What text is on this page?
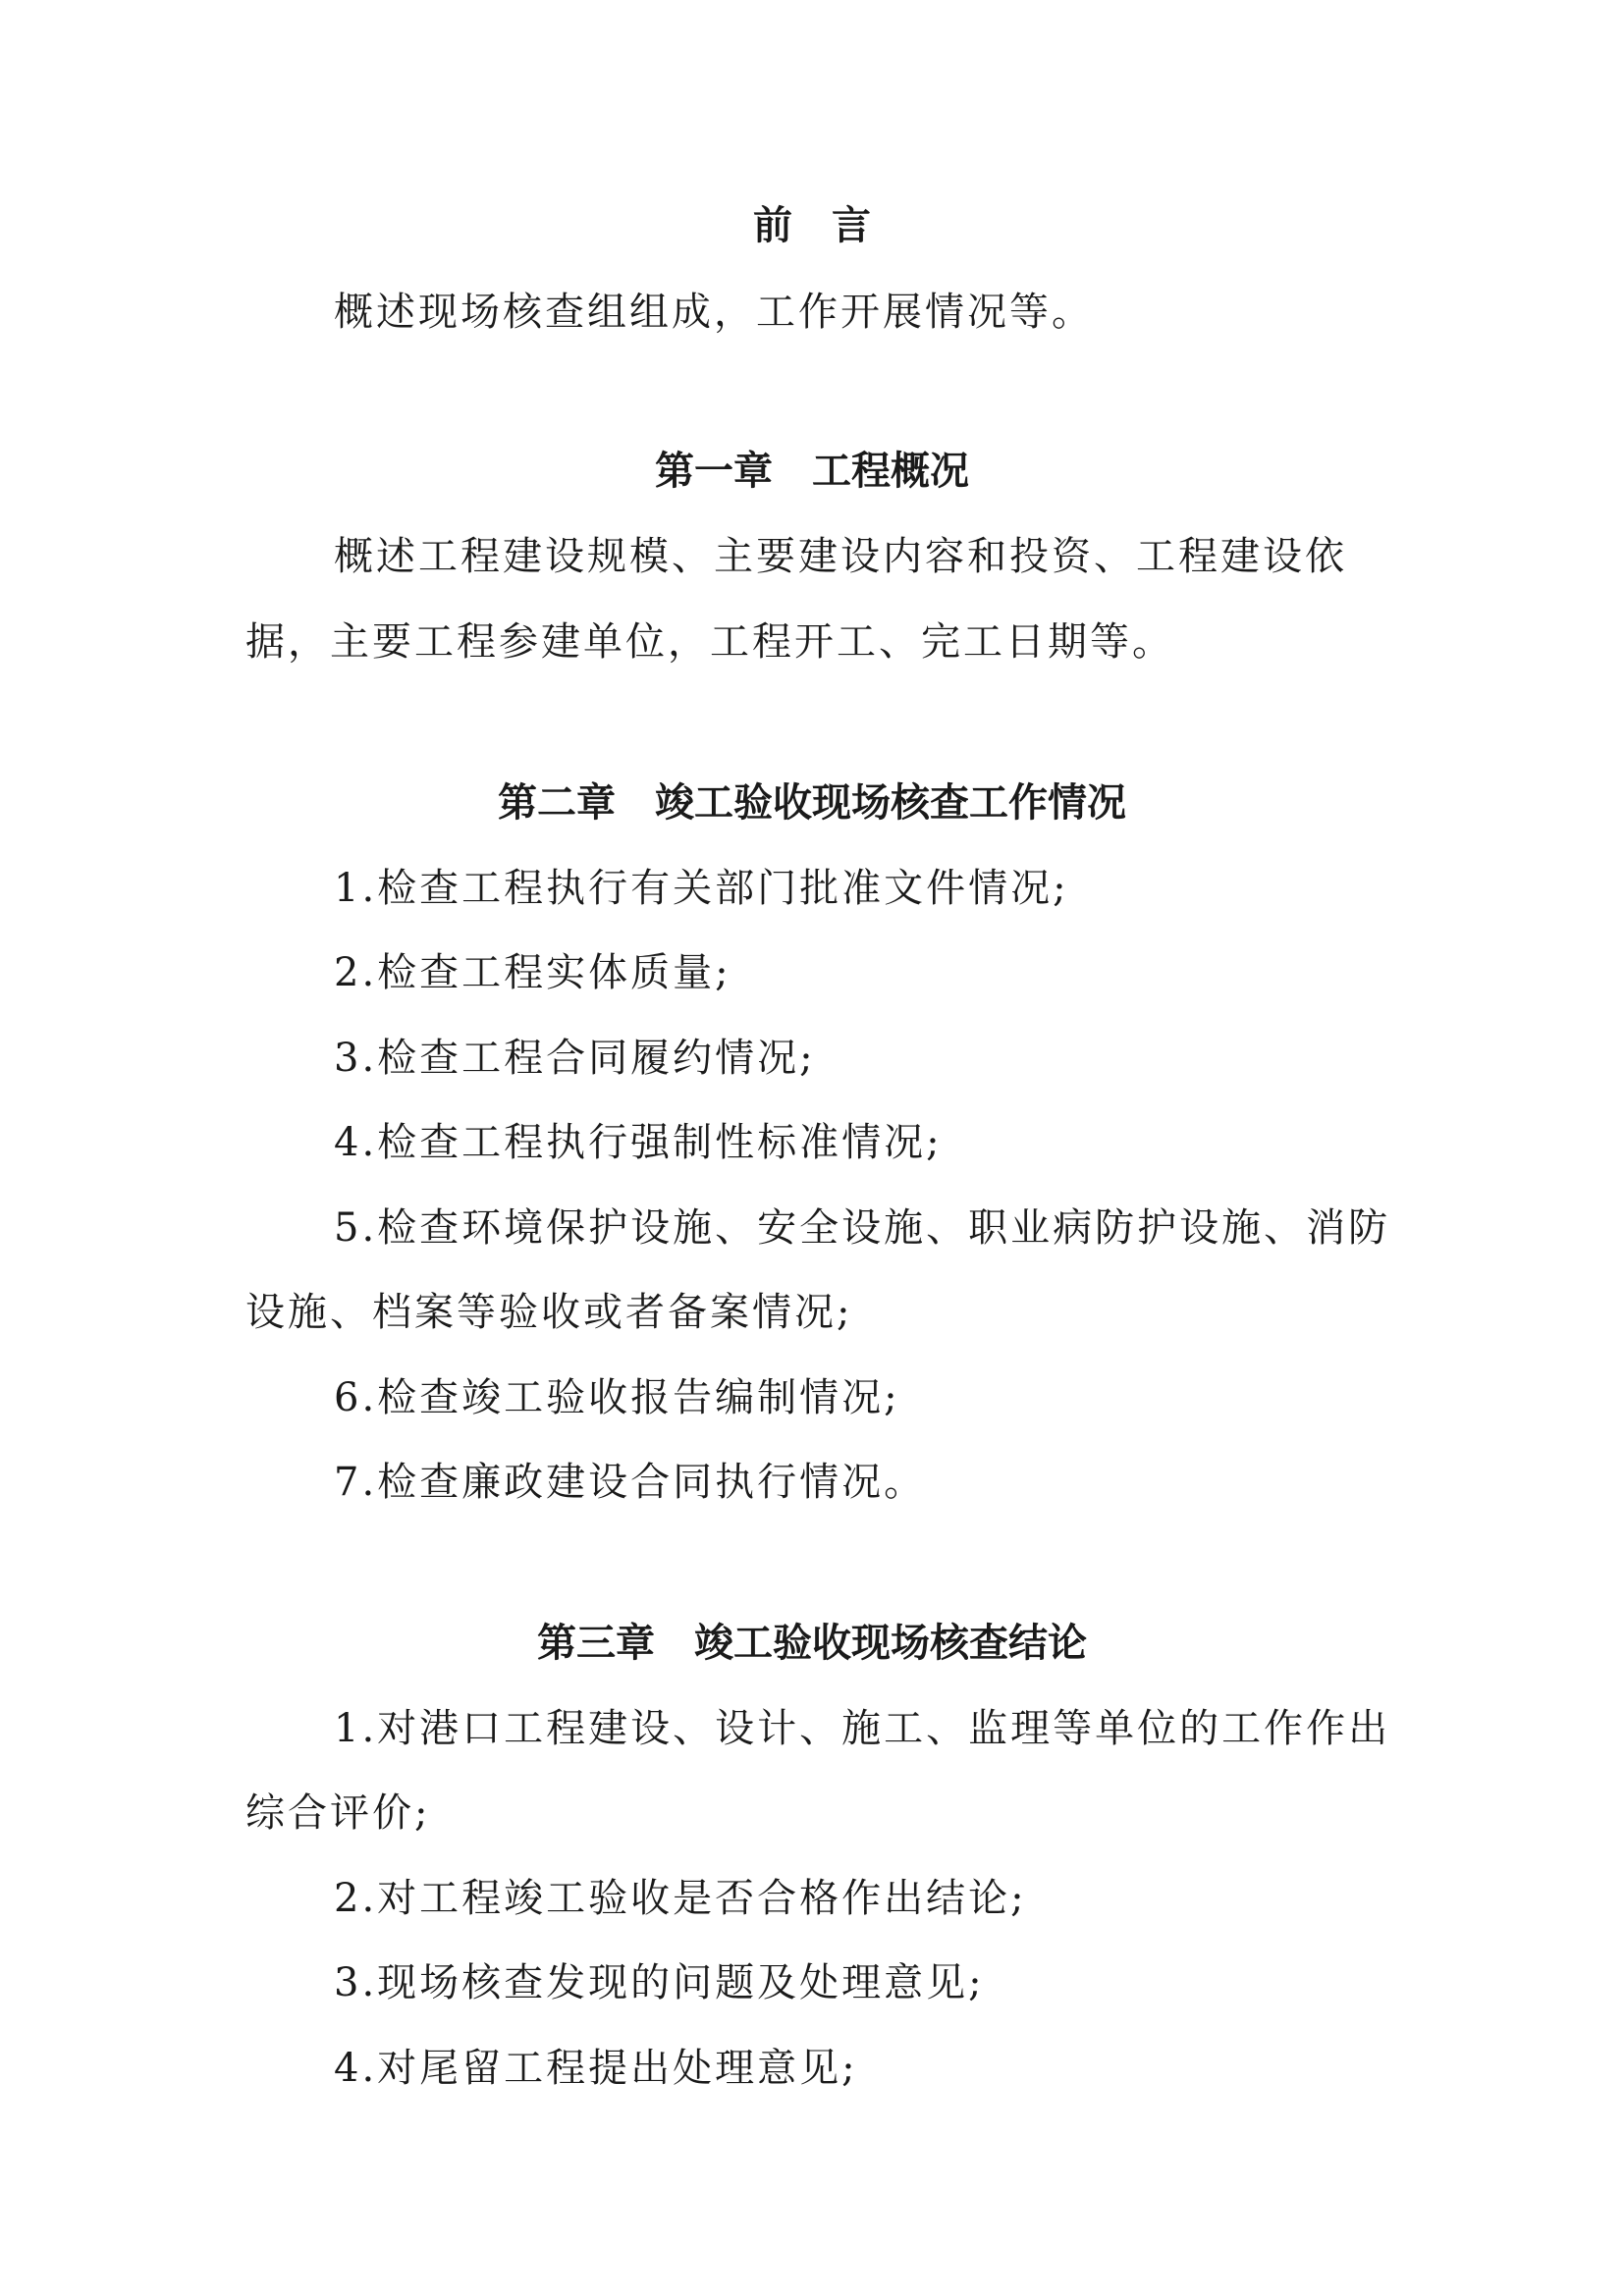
前 言
概述现场核查组组成，工作开展情况等。
第一章 工程概况
概述工程建设规模、主要建设内容和投资、工程建设依
据，主要工程参建单位，工程开工、完工日期等。
第二章 竣工验收现场核查工作情况
1.检查工程执行有关部门批准文件情况;
2.检查工程实体质量;
3.检查工程合同履约情况;
4.检查工程执行强制性标准情况;
5.检查环境保护设施、安全设施、职业病防护设施、消防
设施、档案等验收或者备案情况;
6.检查竣工验收报告编制情况;
7.检查廉政建设合同执行情况。
第三章 竣工验收现场核查结论
1.对港口工程建设、设计、施工、监理等单位的工作作出
综合评价;
2.对工程竣工验收是否合格作出结论;
3.现场核查发现的问题及处理意见;
4.对尾留工程提出处理意见;
